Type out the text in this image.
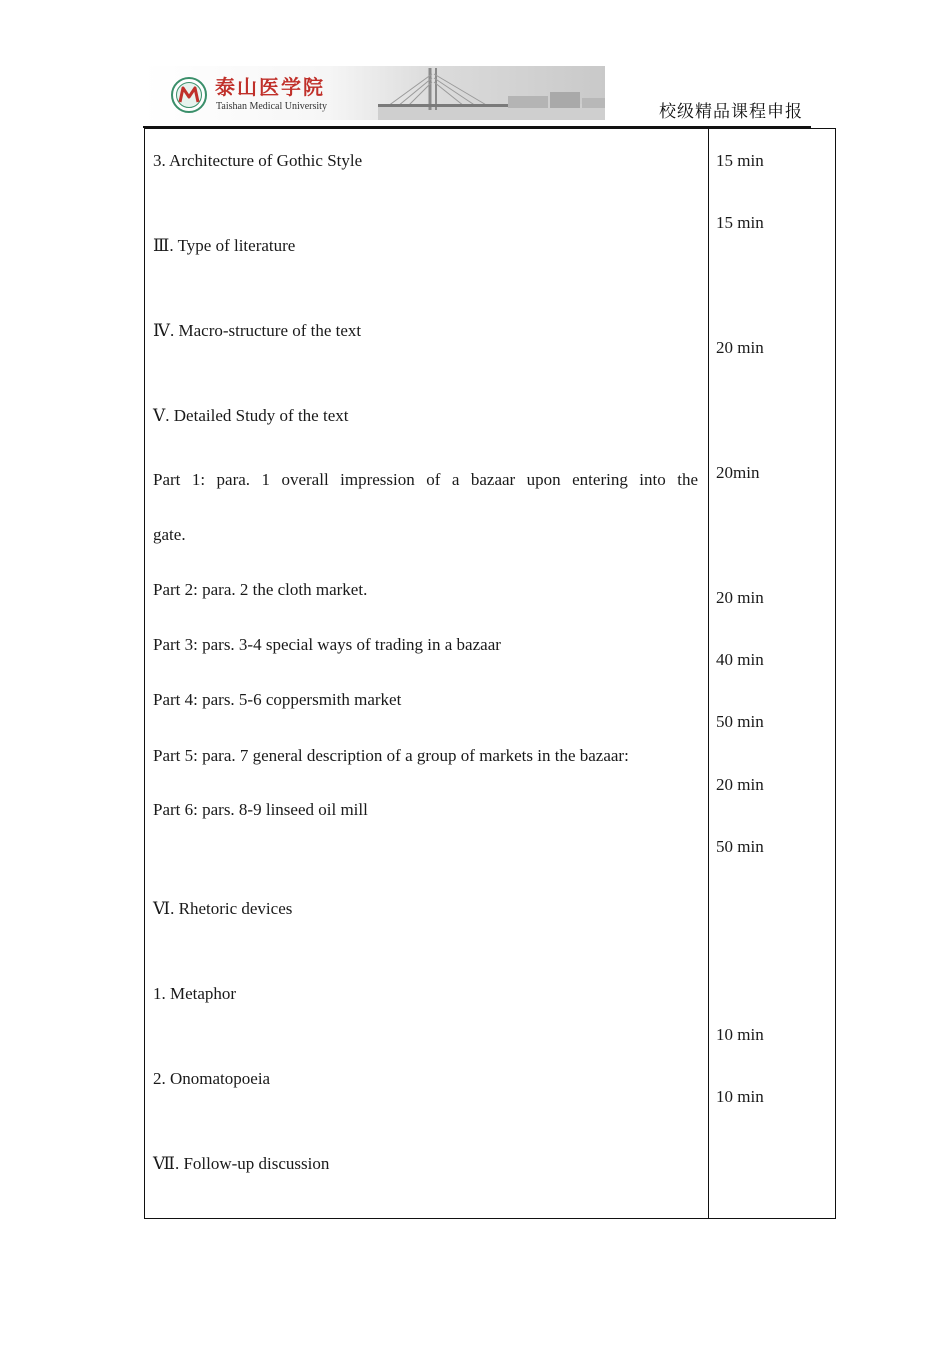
泰山医学院
Taishan Medical University	校级精品课程申报
3. Architecture of Gothic Style
Ⅲ. Type of literature
Ⅳ. Macro-structure of the text
Ⅴ. Detailed Study of the text
Part 1: para. 1 overall impression of a bazaar upon entering into the
gate.
Part 2: para. 2 the cloth market.
Part 3: pars. 3-4 special ways of trading in a bazaar
Part 4: pars. 5-6 coppersmith market
Part 5: para. 7 general description of a group of markets in the bazaar:
Part 6: pars. 8-9 linseed oil mill
Ⅵ. Rhetoric devices
1. Metaphor
2. Onomatopoeia
Ⅶ. Follow-up discussion
15 min
15 min
20 min
20min
20 min
40 min
50 min
20 min
50 min
10 min
10 min
